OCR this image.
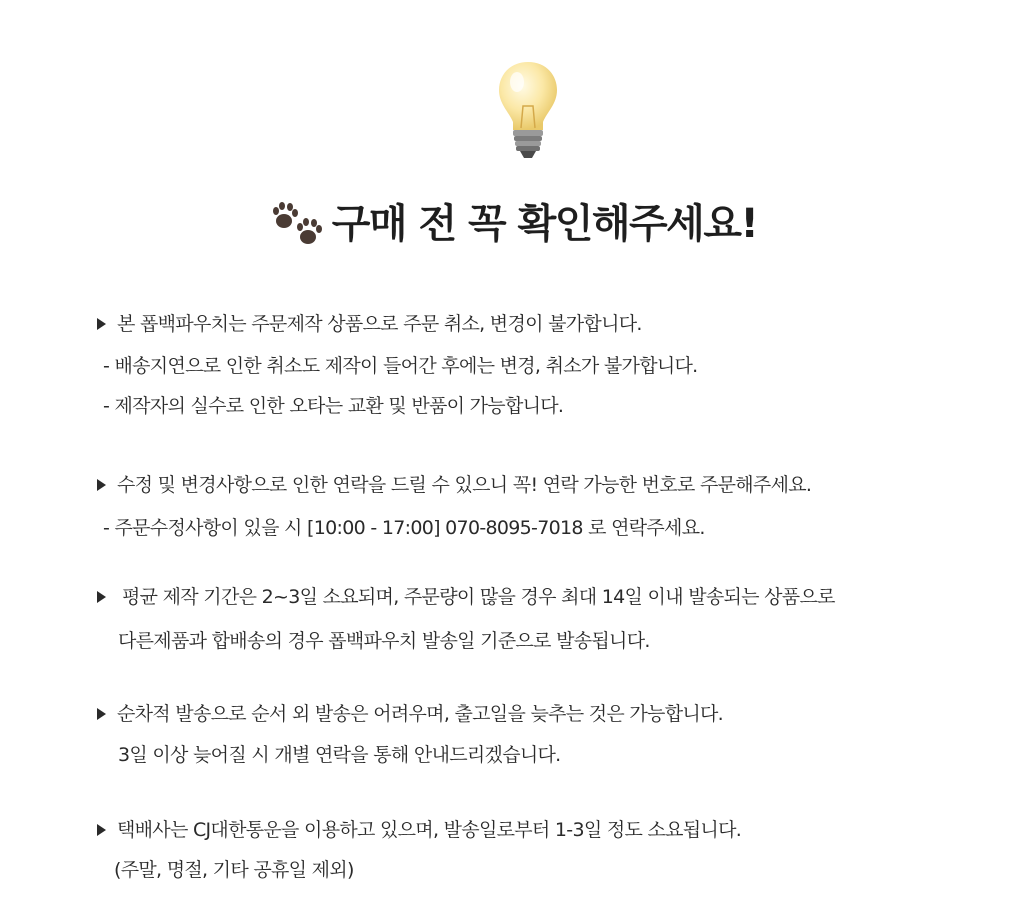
구매 전 꼭 확인해주세요!
본 폽백파우치는 주문제작 상품으로 주문 취소, 변경이 불가합니다.
- 배송지연으로 인한 취소도 제작이 들어간 후에는 변경, 취소가 불가합니다.
- 제작자의 실수로 인한 오타는 교환 및 반품이 가능합니다.
수정 및 변경사항으로 인한 연락을 드릴 수 있으니 꼭! 연락 가능한 번호로 주문해주세요.
- 주문수정사항이 있을 시 [10:00 - 17:00] 070-8095-7018 로 연락주세요.
평균 제작 기간은 2~3일 소요되며, 주문량이 많을 경우 최대 14일 이내 발송되는 상품으로
다른제품과 합배송의 경우 폽백파우치 발송일 기준으로 발송됩니다.
순차적 발송으로 순서 외 발송은 어려우며, 출고일을 늦추는 것은 가능합니다.
3일 이상 늦어질 시 개별 연락을 통해 안내드리겠습니다.
택배사는 CJ대한통운을 이용하고 있으며, 발송일로부터 1-3일 정도 소요됩니다.
(주말, 명절, 기타 공휴일 제외)
